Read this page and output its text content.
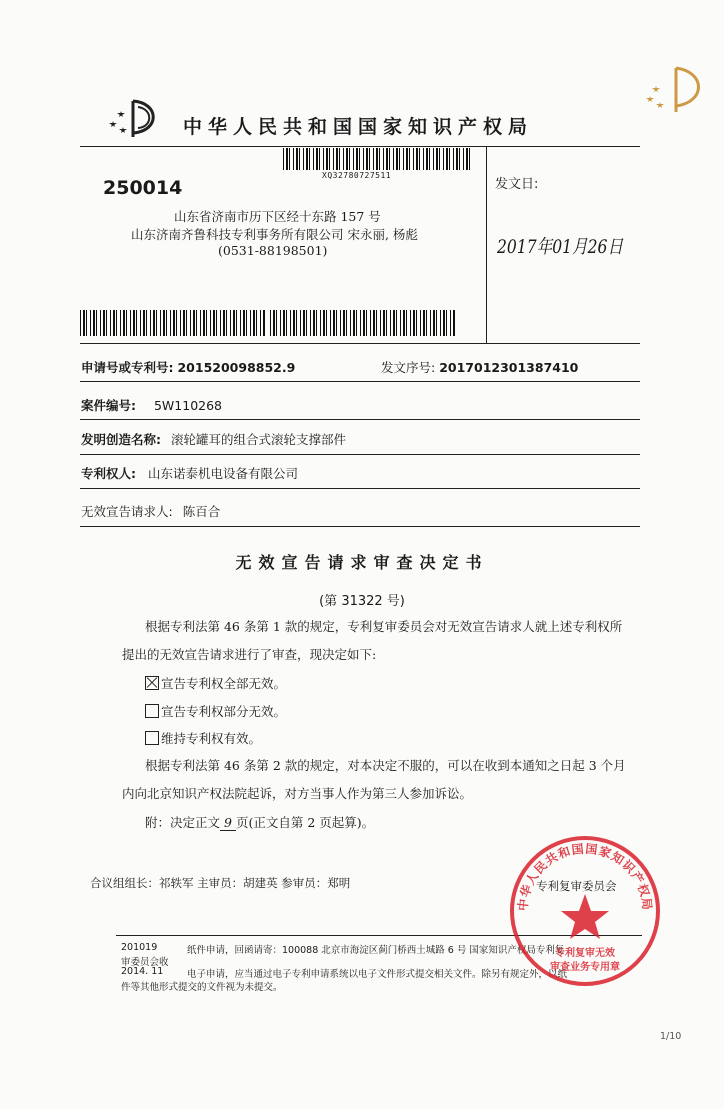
中华人民共和国国家知识产权局
XQ32780727511
250014
山东省济南市历下区经十东路 157 号
山东济南齐鲁科技专利事务所有限公司 宋永丽, 杨彪
(0531-88198501)
发文日:
2017年01月26日
申请号或专利号: 201520098852.9	发文序号: 2017012301387410
案件编号: 5W110268
发明创造名称: 滚轮罐耳的组合式滚轮支撑部件
专利权人: 山东诺泰机电设备有限公司
无效宣告请求人: 陈百合
无效宣告请求审查决定书
(第 31322 号)
根据专利法第 46 条第 1 款的规定，专利复审委员会对无效宣告请求人就上述专利权所
提出的无效宣告请求进行了审查，现决定如下:
宣告专利权全部无效。
宣告专利权部分无效。
维持专利权有效。
根据专利法第 46 条第 2 款的规定，对本决定不服的，可以在收到本通知之日起 3 个月
内向北京知识产权法院起诉，对方当事人作为第三人参加诉讼。
附：决定正文 9 页(正文自第 2 页起算)。
合议组组长：祁轶军 主审员：胡建英 参审员：郑明	专利复审委员会
201019
审委员会收
纸件申请，回函请寄：100088 北京市海淀区蓟门桥西土城路 6 号 国家知识产权局专利复
2014. 11 电子申请，应当通过电子专利申请系统以电子文件形式提交相关文件。除另有规定外，以纸
件等其他形式提交的文件视为未提交。
1/10
中华人民共和国国家知识产权局
专利复审无效
审查业务专用章
